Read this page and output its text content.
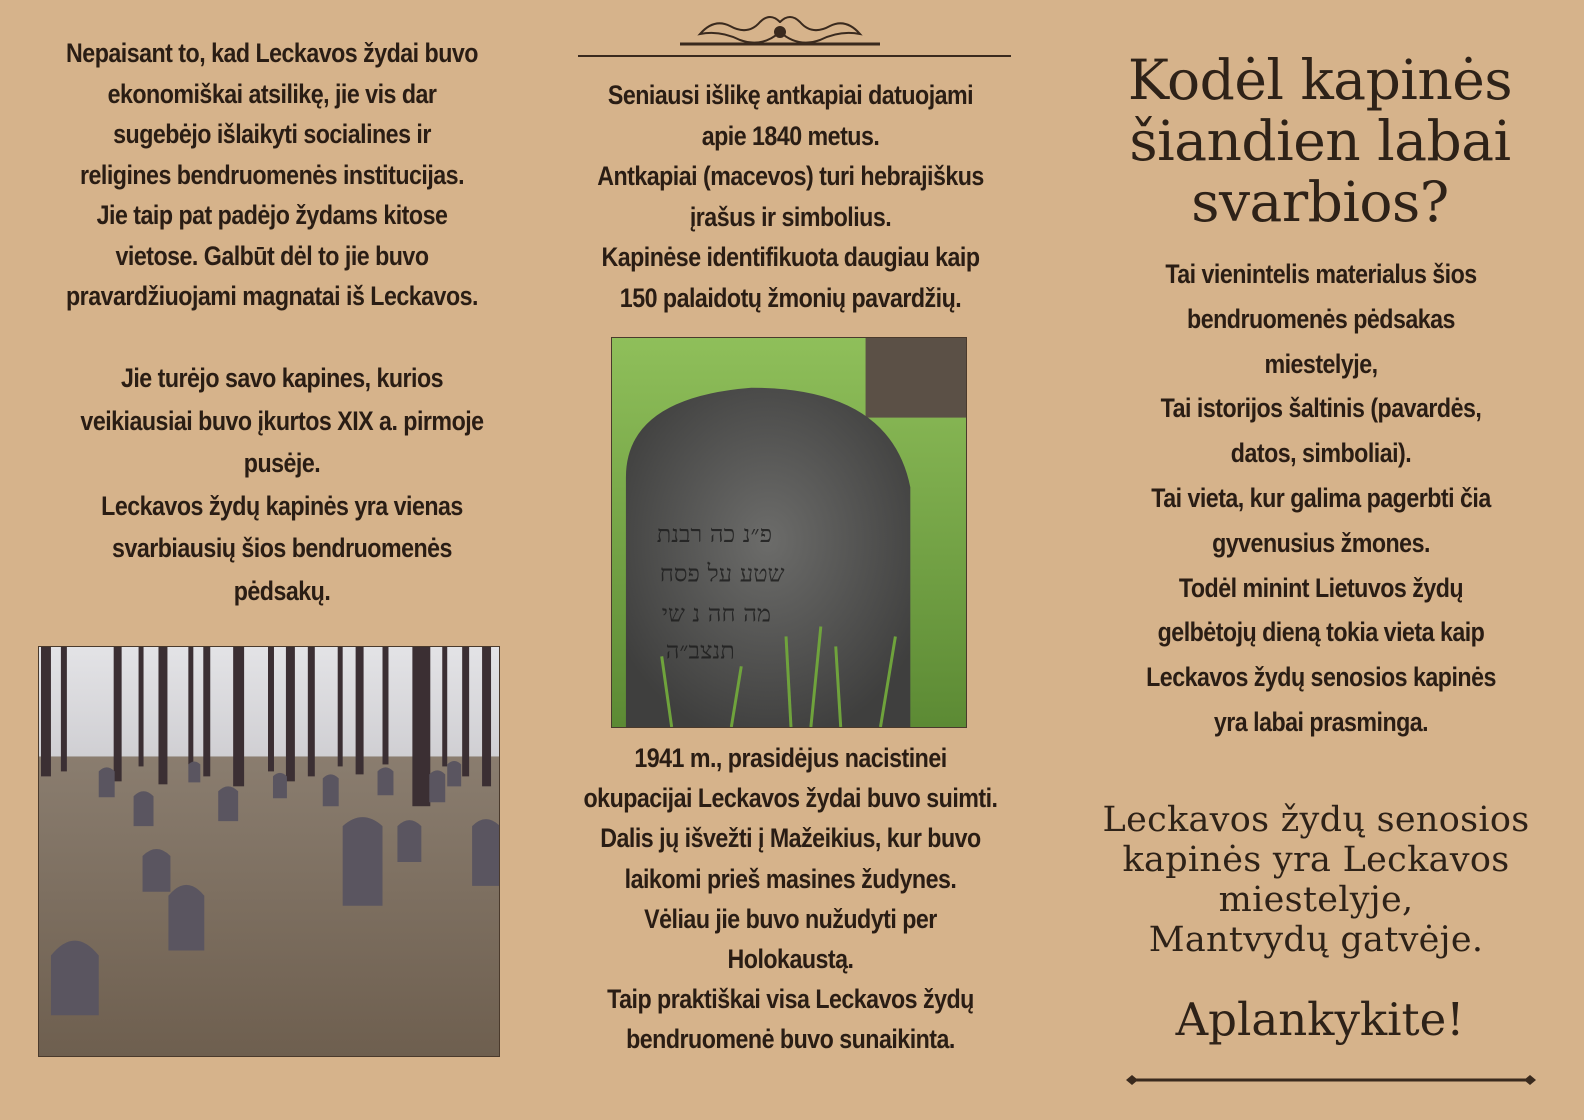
Nepaisant to, kad Leckavos žydai buvo

ekonomiškai atsilikę, jie vis dar

sugebėjo išlaikyti socialines ir

religines bendruomenės institucijas.

Jie taip pat padėjo žydams kitose

vietose. Galbūt dėl to jie buvo

pravardžiuojami magnatai iš Leckavos.

Jie turėjo savo kapines, kurios

veikiausiai buvo įkurtos XIX a. pirmoje

pusėje.

Leckavos žydų kapinės yra vienas

svarbiausių šios bendruomenės

pėdsakų.

Seniausi išlikę antkapiai datuojami

apie 1840 metus.

Antkapiai (macevos) turi hebrajiškus

įrašus ir simbolius.

Kapinėse identifikuota daugiau kaip

150 palaidotų žmonių pavardžių.

פ״נ כה רבנת
שטע על פסח
מה חה נ שי
תנצב״ה

1941 m., prasidėjus nacistinei

okupacijai Leckavos žydai buvo suimti.

Dalis jų išvežti į Mažeikius, kur buvo

laikomi prieš masines žudynes.

Vėliau jie buvo nužudyti per

Holokaustą.

Taip praktiškai visa Leckavos žydų

bendruomenė buvo sunaikinta.

Kodėl kapinės
šiandien labai
svarbios?

Tai vienintelis materialus šios

bendruomenės pėdsakas

miestelyje,

Tai istorijos šaltinis (pavardės,

datos, simboliai).

Tai vieta, kur galima pagerbti čia

gyvenusius žmones.

Todėl minint Lietuvos žydų

gelbėtojų dieną tokia vieta kaip

Leckavos žydų senosios kapinės

yra labai prasminga.

Leckavos žydų senosios
kapinės yra Leckavos
miestelyje,
Mantvydų gatvėje.
Aplankykite!
